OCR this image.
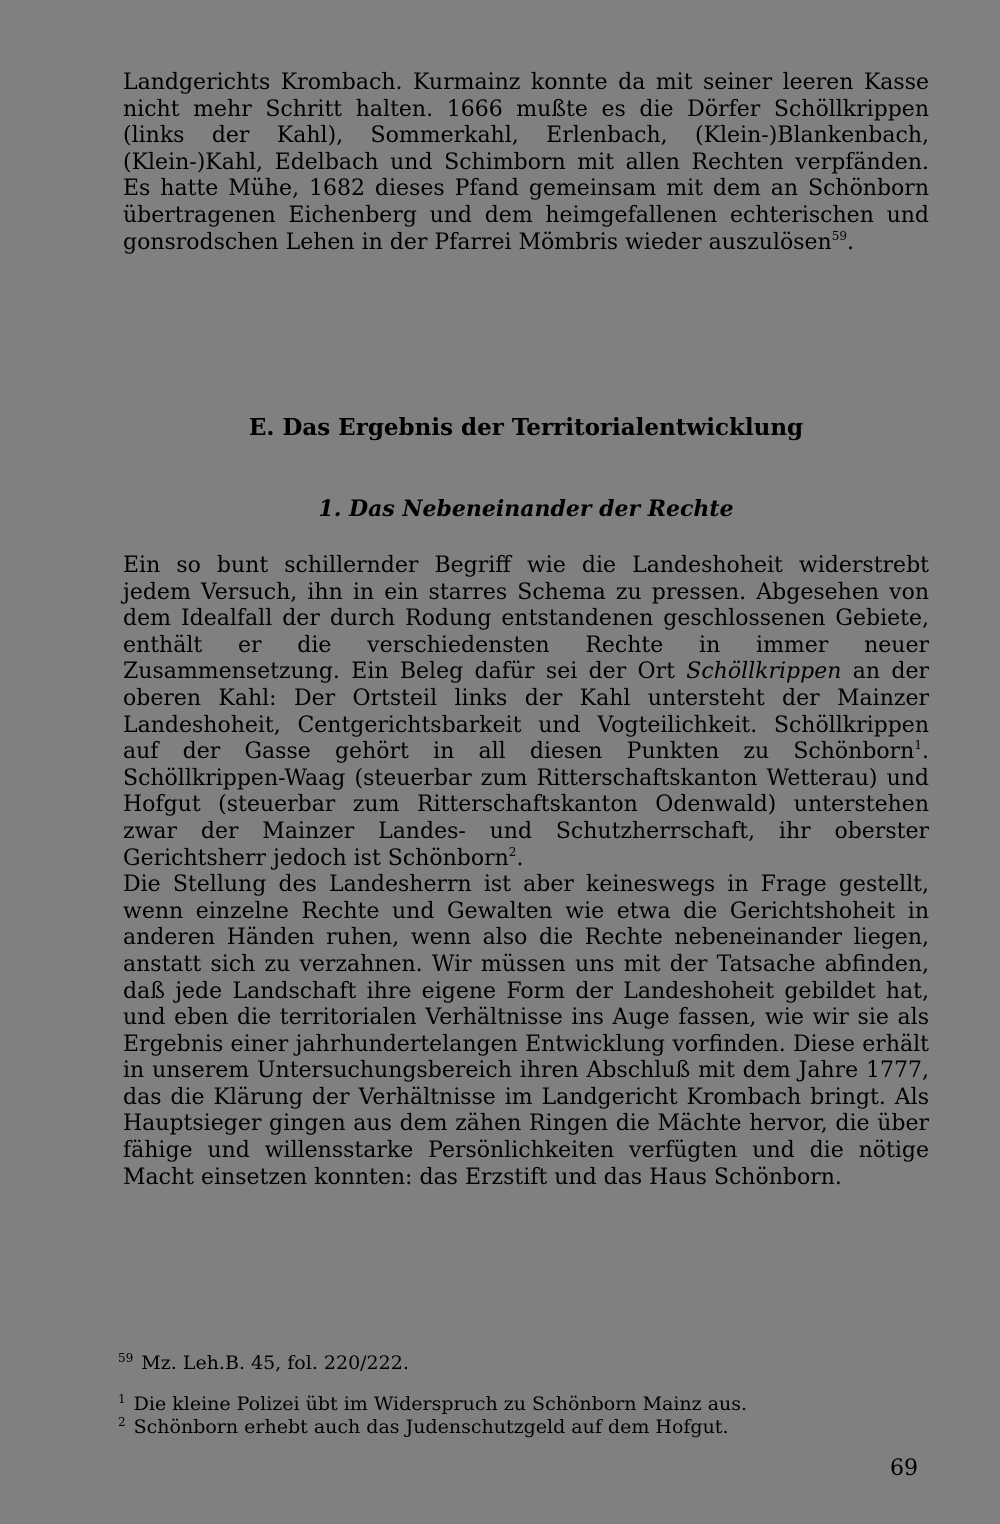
Landgerichts Krombach. Kurmainz konnte da mit seiner leeren Kasse nicht mehr Schritt halten. 1666 mußte es die Dörfer Schöllkrippen (links der Kahl), Sommerkahl, Erlenbach, (Klein-)Blankenbach, (Klein-)Kahl, Edelbach und Schimborn mit allen Rechten verpfänden. Es hatte Mühe, 1682 dieses Pfand gemeinsam mit dem an Schönborn übertragenen Eichenberg und dem heimgefallenen echterischen und gonsrodschen Lehen in der Pfarrei Mömbris wieder auszulösen$^{59}$.

E. Das Ergebnis der Territorialentwicklung
1. Das Nebeneinander der Rechte

Ein so bunt schillernder Begriff wie die Landeshoheit widerstrebt jedem Versuch, ihn in ein starres Schema zu pressen. Abgesehen von dem Idealfall der durch Rodung entstandenen geschlossenen Gebiete, enthält er die verschiedensten Rechte in immer neuer Zusammensetzung. Ein Beleg dafür sei der Ort Schöllkrippen an der oberen Kahl: Der Ortsteil links der Kahl untersteht der Mainzer Landeshoheit, Centgerichtsbarkeit und Vogteilichkeit. Schöllkrippen auf der Gasse gehört in all diesen Punkten zu Schönborn$^1$. Schöllkrippen-Waag (steuerbar zum Ritterschaftskanton Wetterau) und Hofgut (steuerbar zum Ritterschaftskanton Odenwald) unterstehen zwar der Mainzer Landes- und Schutzherrschaft, ihr oberster Gerichtsherr jedoch ist Schönborn$^2$.

Die Stellung des Landesherrn ist aber keineswegs in Frage gestellt, wenn einzelne Rechte und Gewalten wie etwa die Gerichtshoheit in anderen Händen ruhen, wenn also die Rechte nebeneinander liegen, anstatt sich zu verzahnen. Wir müssen uns mit der Tatsache abfinden, daß jede Landschaft ihre eigene Form der Landeshoheit gebildet hat, und eben die territorialen Verhältnisse ins Auge fassen, wie wir sie als Ergebnis einer jahrhundertelangen Entwicklung vorfinden. Diese erhält in unserem Untersuchungsbereich ihren Abschluß mit dem Jahre 1777, das die Klärung der Verhältnisse im Landgericht Krombach bringt. Als Hauptsieger gingen aus dem zähen Ringen die Mächte hervor, die über fähige und willensstarke Persönlichkeiten verfügten und die nötige Macht einsetzen konnten: das Erzstift und das Haus Schönborn.

$^{59}$ Mz. Leh.B. 45, fol. 220/222.
$^1$ Die kleine Polizei übt im Widerspruch zu Schönborn Mainz aus.
$^2$ Schönborn erhebt auch das Judenschutzgeld auf dem Hofgut.
69
